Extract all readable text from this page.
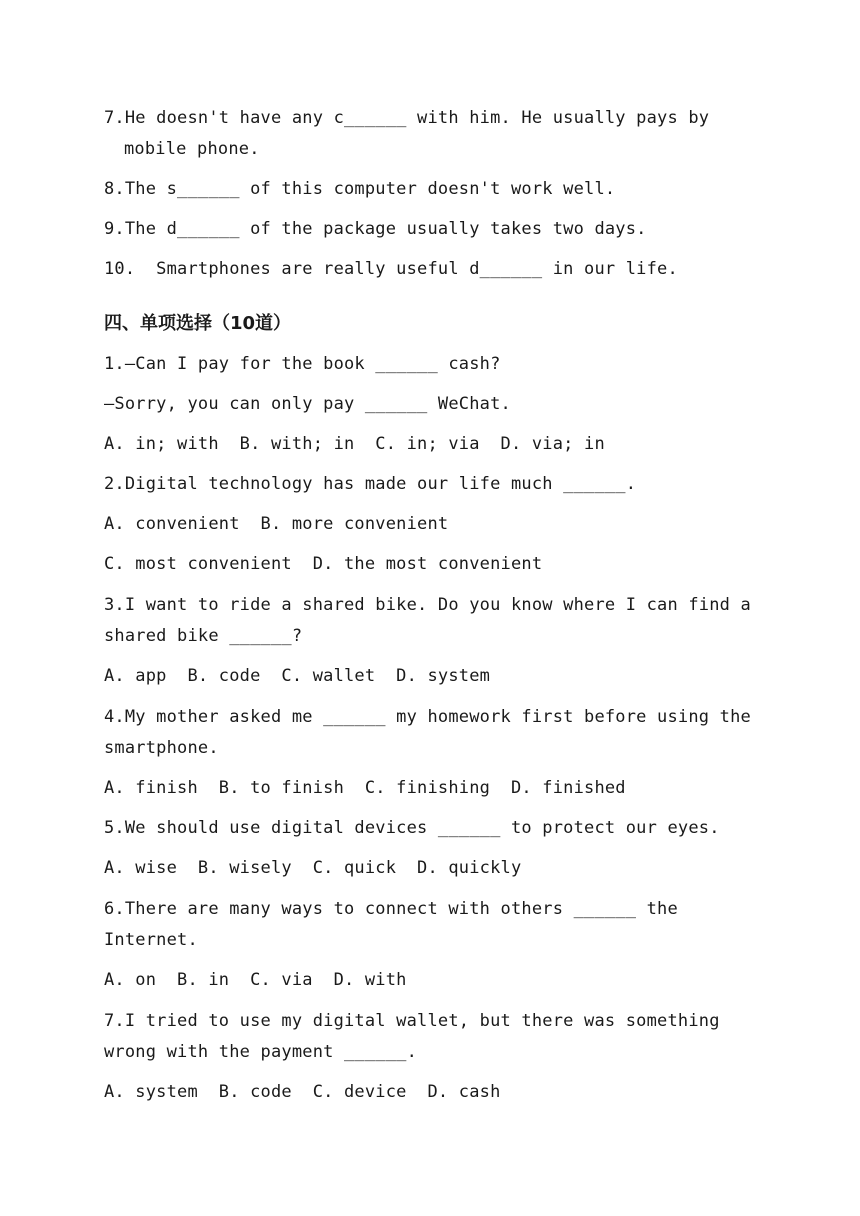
7.He doesn't have any c______ with him. He usually pays by
mobile phone.
8.The s______ of this computer doesn't work well.
9.The d______ of the package usually takes two days.
10.  Smartphones are really useful d______ in our life.
四、单项选择（10道）
1.—Can I pay for the book ______ cash?
—Sorry, you can only pay ______ WeChat.
A. in; with  B. with; in  C. in; via  D. via; in
2.Digital technology has made our life much ______.
A. convenient  B. more convenient
C. most convenient  D. the most convenient
3.I want to ride a shared bike. Do you know where I can find a
shared bike ______?
A. app  B. code  C. wallet  D. system
4.My mother asked me ______ my homework first before using the
smartphone.
A. finish  B. to finish  C. finishing  D. finished
5.We should use digital devices ______ to protect our eyes.
A. wise  B. wisely  C. quick  D. quickly
6.There are many ways to connect with others ______ the
Internet.
A. on  B. in  C. via  D. with
7.I tried to use my digital wallet, but there was something
wrong with the payment ______.
A. system  B. code  C. device  D. cash
